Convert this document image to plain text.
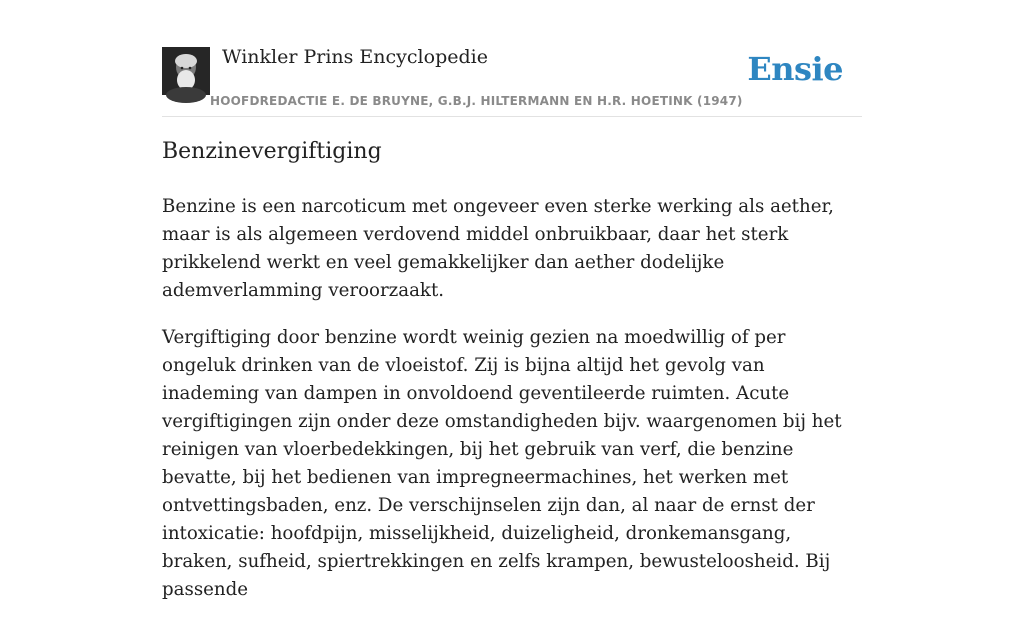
Winkler Prins Encyclopedie
HOOFDREDACTIE E. DE BRUYNE, G.B.J. HILTERMANN EN H.R. HOETINK (1947)
Ensie
Benzinevergiftiging

Benzine is een narcoticum met ongeveer even sterke werking als aether, maar is als algemeen verdovend middel onbruikbaar, daar het sterk prikkelend werkt en veel gemakkelijker dan aether dodelijke ademverlamming veroorzaakt.

Vergiftiging door benzine wordt weinig gezien na moedwillig of per ongeluk drinken van de vloeistof. Zij is bijna altijd het gevolg van inademing van dampen in onvoldoend geventileerde ruimten. Acute vergiftigingen zijn onder deze omstandigheden bijv. waargenomen bij het reinigen van vloerbedekkingen, bij het gebruik van verf, die benzine bevatte, bij het bedienen van impregneermachines, het werken met ontvettingsbaden, enz. De verschijnselen zijn dan, al naar de ernst der intoxicatie: hoofdpijn, misselijkheid, duizeligheid, dronkemansgang, braken, sufheid, spiertrekkingen en zelfs krampen, bewusteloosheid. Bij passende
